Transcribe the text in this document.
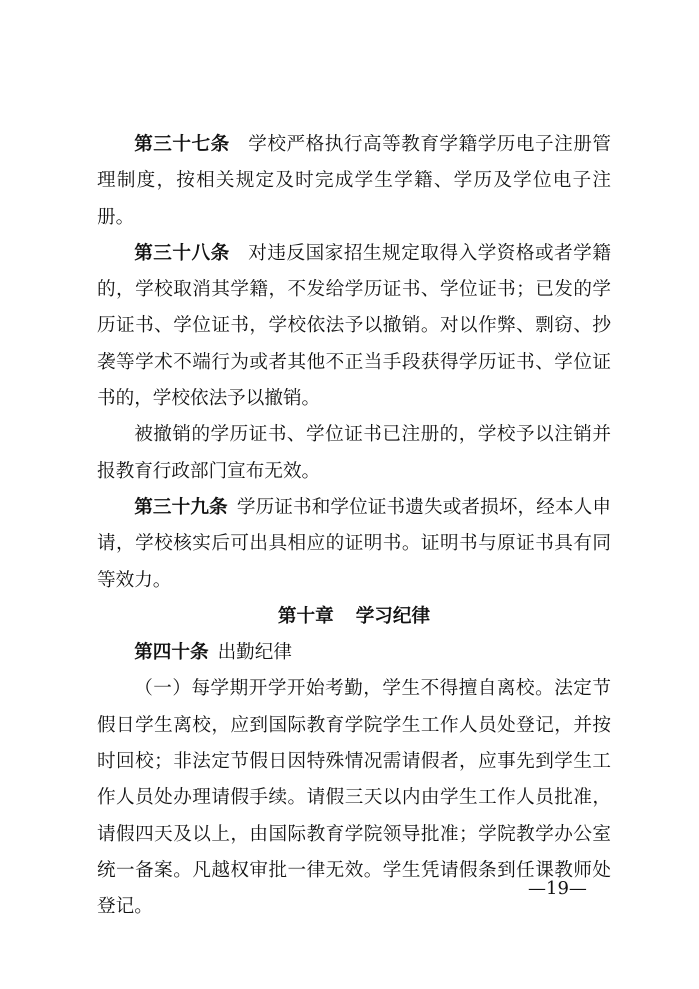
第三十七条 学校严格执行高等教育学籍学历电子注册管理制度，按相关规定及时完成学生学籍、学历及学位电子注册。

第三十八条 对违反国家招生规定取得入学资格或者学籍的，学校取消其学籍，不发给学历证书、学位证书；已发的学历证书、学位证书，学校依法予以撤销。对以作弊、剽窃、抄袭等学术不端行为或者其他不正当手段获得学历证书、学位证书的，学校依法予以撤销。

被撤销的学历证书、学位证书已注册的，学校予以注销并报教育行政部门宣布无效。

第三十九条 学历证书和学位证书遗失或者损坏，经本人申请，学校核实后可出具相应的证明书。证明书与原证书具有同等效力。

第十章 学习纪律

第四十条 出勤纪律

（一）每学期开学开始考勤，学生不得擅自离校。法定节假日学生离校，应到国际教育学院学生工作人员处登记，并按时回校；非法定节假日因特殊情况需请假者，应事先到学生工作人员处办理请假手续。请假三天以内由学生工作人员批准，请假四天及以上，由国际教育学院领导批准；学院教学办公室统一备案。凡越权审批一律无效。学生凭请假条到任课教师处登记。

—19—
